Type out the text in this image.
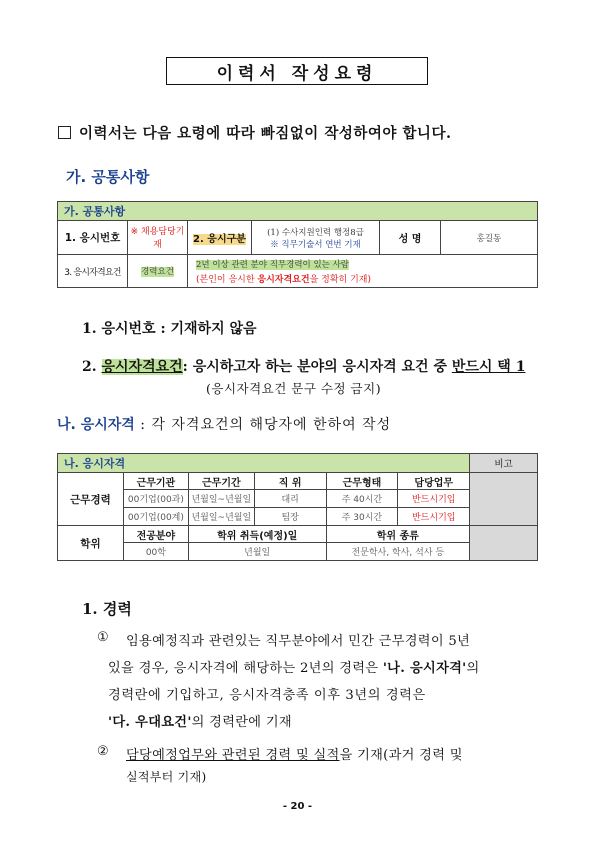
이력서 작성요령
이력서는 다음 요령에 따라 빠짐없이 작성하여야 합니다.
가. 공통사항
가. 공통사항					
1. 응시번호	※ 채용담당기재	2. 응시구분	(1) 수사지원인력 행정8급
※ 직무기술서 연번 기재	성 명	홍길동
3. 응시자격요건	경력요건	2년 이상 관련 분야 직무경력이 있는 사람
(본인이 응시한 응시자격요건을 정확히 기재)			
1. 응시번호 : 기재하지 않음
2. 응시자격요건: 응시하고자 하는 분야의 응시자격 요건 중 반드시 택 1
(응시자격요건 문구 수정 금지)
나. 응시자격 : 각 자격요건의 해당자에 한하여 작성
나. 응시자격						비고
근무경력	근무기관	근무기간	직 위	근무형태	담당업무	
	00기업(00과)	년월일~년월일	대리	주 40시간	반드시기입	
	00기업(00계)	년월일~년월일	팀장	주 30시간	반드시기입	
학위	전공분야	학위 취득(예정)일		학위 종류		
	00학	년월일		전문학사, 학사, 석사 등		
1. 경력
① 임용예정직과 관련있는 직무분야에서 민간 근무경력이 5년
있을 경우, 응시자격에 해당하는 2년의 경력은 '나. 응시자격'의
경력란에 기입하고, 응시자격충족 이후 3년의 경력은
'다. 우대요건'의 경력란에 기재
② 담당예정업무와 관련된 경력 및 실적을 기재(과거 경력 및
실적부터 기재)
- 20 -
